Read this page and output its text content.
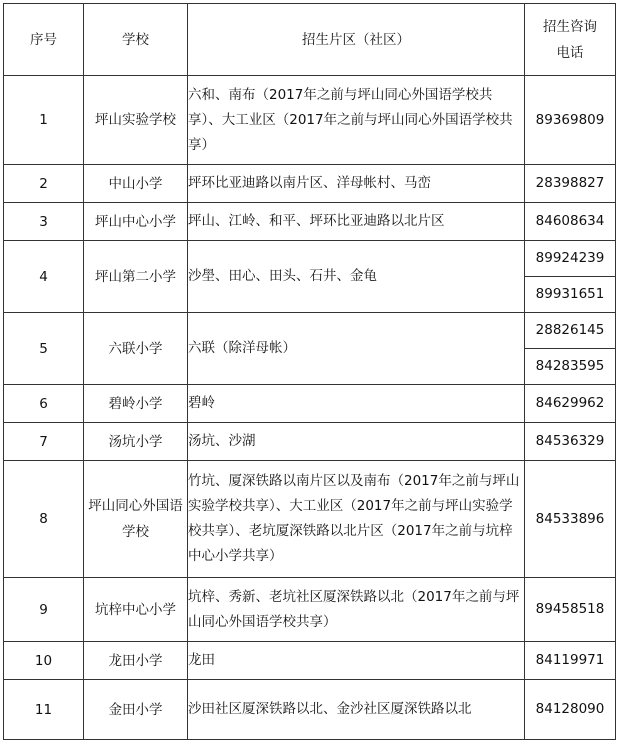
序号	学校	招生片区（社区）	招生咨询
电话

1	坪山实验学校	六和、南布（2017年之前与坪山同心外国语学校共享）、大工业区（2017年之前与坪山同心外国语学校共享）	89369809

2	中山小学	坪环比亚迪路以南片区、洋母帐村、马峦	28398827

3	坪山中心小学	坪山、江岭、和平、坪环比亚迪路以北片区	84608634

4	坪山第二小学	沙壆、田心、田头、石井、金龟	89924239
89931651

5	六联小学	六联（除洋母帐）	28826145
84283595

6	碧岭小学	碧岭	84629962

7	汤坑小学	汤坑、沙湖	84536329

8	坪山同心外国语学校	竹坑、厦深铁路以南片区以及南布（2017年之前与坪山实验学校共享）、大工业区（2017年之前与坪山实验学校共享）、老坑厦深铁路以北片区（2017年之前与坑梓中心小学共享）	84533896

9	坑梓中心小学	坑梓、秀新、老坑社区厦深铁路以北（2017年之前与坪山同心外国语学校共享）	89458518

10	龙田小学	龙田	84119971

11	金田小学	沙田社区厦深铁路以北、金沙社区厦深铁路以北	84128090
